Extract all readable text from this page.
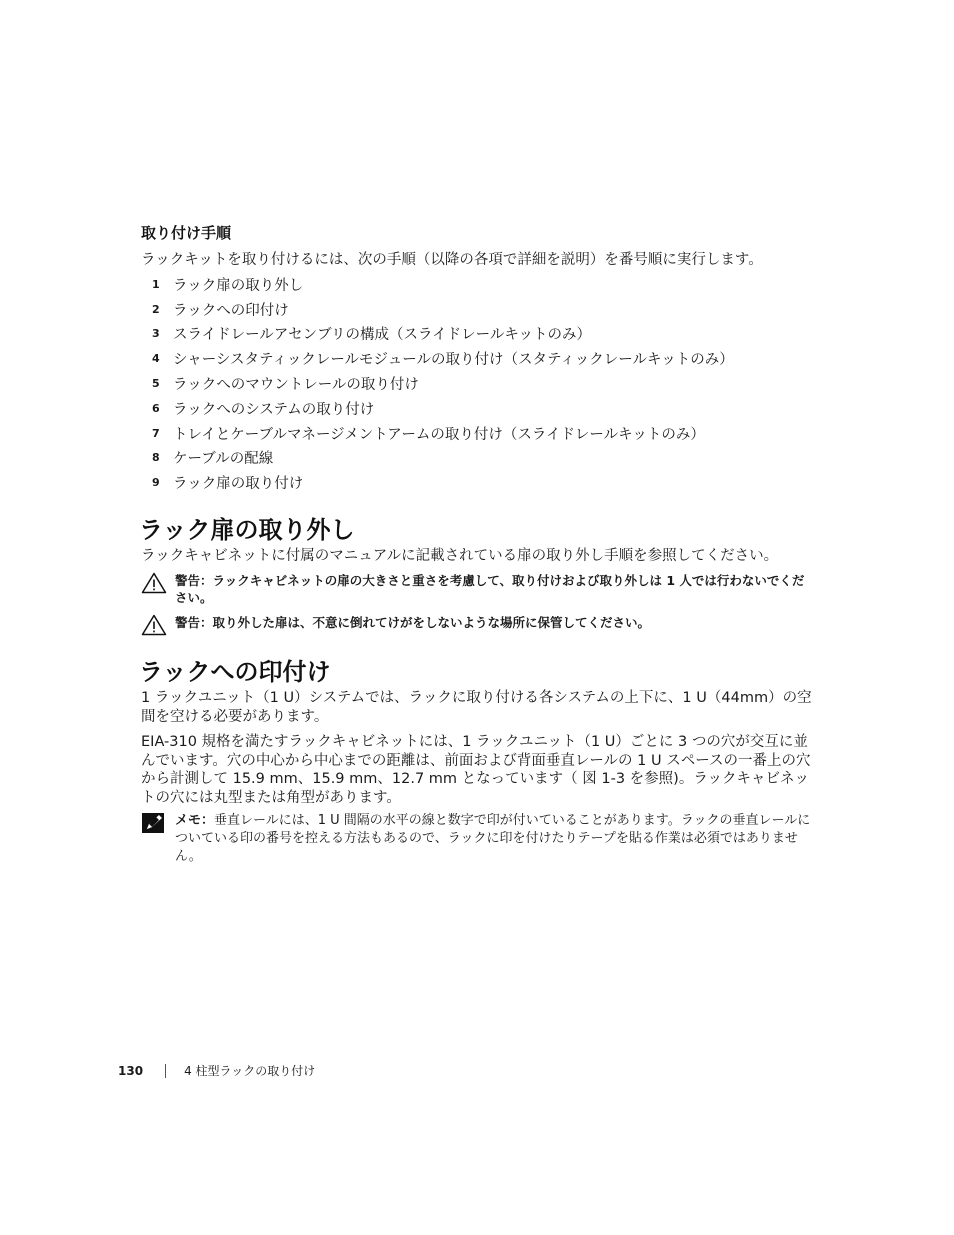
取り付け手順
ラックキットを取り付けるには、次の手順（以降の各項で詳細を説明）を番号順に実行します。
1 ラック扉の取り外し
2 ラックへの印付け
3 スライドレールアセンブリの構成（スライドレールキットのみ）
4 シャーシスタティックレールモジュールの取り付け（スタティックレールキットのみ）
5 ラックへのマウントレールの取り付け
6 ラックへのシステムの取り付け
7 トレイとケーブルマネージメントアームの取り付け（スライドレールキットのみ）
8 ケーブルの配線
9 ラック扉の取り付け
ラック扉の取り外し
ラックキャビネットに付属のマニュアルに記載されている扉の取り外し手順を参照してください。
警告：ラックキャビネットの扉の大きさと重さを考慮して、取り付けおよび取り外しは 1 人では行わないでください。
警告：取り外した扉は、不意に倒れてけがをしないような場所に保管してください。
ラックへの印付け
1 ラックユニット（1 U）システムでは、ラックに取り付ける各システムの上下に、1 U（44mm）の空間を空ける必要があります。
EIA-310 規格を満たすラックキャビネットには、1 ラックユニット（1 U）ごとに 3 つの穴が交互に並んでいます。穴の中心から中心までの距離は、前面および背面垂直レールの 1 U スペースの一番上の穴から計測して 15.9 mm、15.9 mm、12.7 mm となっています（ 図 1-3 を参照)。ラックキャビネットの穴には丸型または角型があります。
メモ：垂直レールには、1 U 間隔の水平の線と数字で印が付いていることがあります。ラックの垂直レールについている印の番号を控える方法もあるので、ラックに印を付けたりテープを貼る作業は必須ではありません。
130	4 柱型ラックの取り付け
